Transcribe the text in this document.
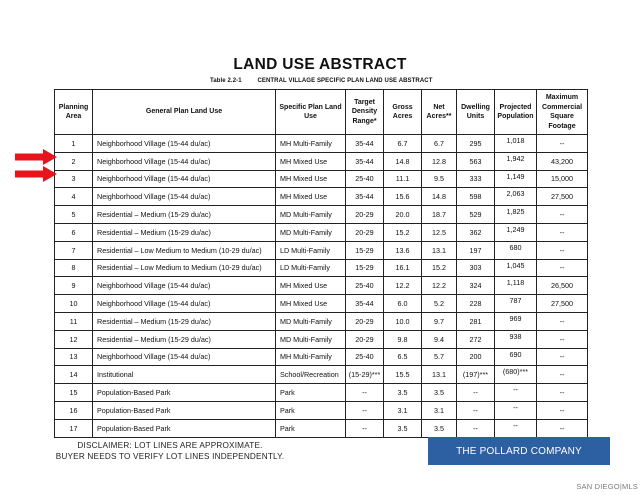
LAND USE ABSTRACT
Table 2.2-1	CENTRAL VILLAGE SPECIFIC PLAN LAND USE ABSTRACT
Planning Area	General Plan Land Use	Specific Plan Land Use	Target Density Range*	Gross Acres	Net Acres**	Dwelling Units	Projected Population	Maximum Commercial Square Footage
1	Neighborhood Village (15-44 du/ac)	MH Multi-Family	35-44	6.7	6.7	295	1,018	--
2	Neighborhood Village (15-44 du/ac)	MH Mixed Use	35-44	14.8	12.8	563	1,942	43,200
3	Neighborhood Village (15-44 du/ac)	MH Mixed Use	25-40	11.1	9.5	333	1,149	15,000
4	Neighborhood Village (15-44 du/ac)	MH Mixed Use	35-44	15.6	14.8	598	2,063	27,500
5	Residential – Medium (15-29 du/ac)	MD Multi-Family	20-29	20.0	18.7	529	1,825	--
6	Residential – Medium (15-29 du/ac)	MD Multi-Family	20-29	15.2	12.5	362	1,249	--
7	Residential – Low Medium to Medium (10-29 du/ac)	LD Multi-Family	15-29	13.6	13.1	197	680	--
8	Residential – Low Medium to Medium (10-29 du/ac)	LD Multi-Family	15-29	16.1	15.2	303	1,045	--
9	Neighborhood Village (15-44 du/ac)	MH Mixed Use	25-40	12.2	12.2	324	1,118	26,500
10	Neighborhood Village (15-44 du/ac)	MH Mixed Use	35-44	6.0	5.2	228	787	27,500
11	Residential – Medium (15-29 du/ac)	MD Multi-Family	20-29	10.0	9.7	281	969	--
12	Residential – Medium (15-29 du/ac)	MD Multi-Family	20-29	9.8	9.4	272	938	--
13	Neighborhood Village (15-44 du/ac)	MH Multi-Family	25-40	6.5	5.7	200	690	--
14	Institutional	School/Recreation	(15-29)***	15.5	13.1	(197)***	(680)***	--
15	Population-Based Park	Park	--	3.5	3.5	--	--	--
16	Population-Based Park	Park	--	3.1	3.1	--	--	--
17	Population-Based Park	Park	--	3.5	3.5	--	--	--
DISCLAIMER: LOT LINES ARE APPROXIMATE.
BUYER NEEDS TO VERIFY LOT LINES INDEPENDENTLY.	THE POLLARD COMPANY
SAN DIEGO|MLS
